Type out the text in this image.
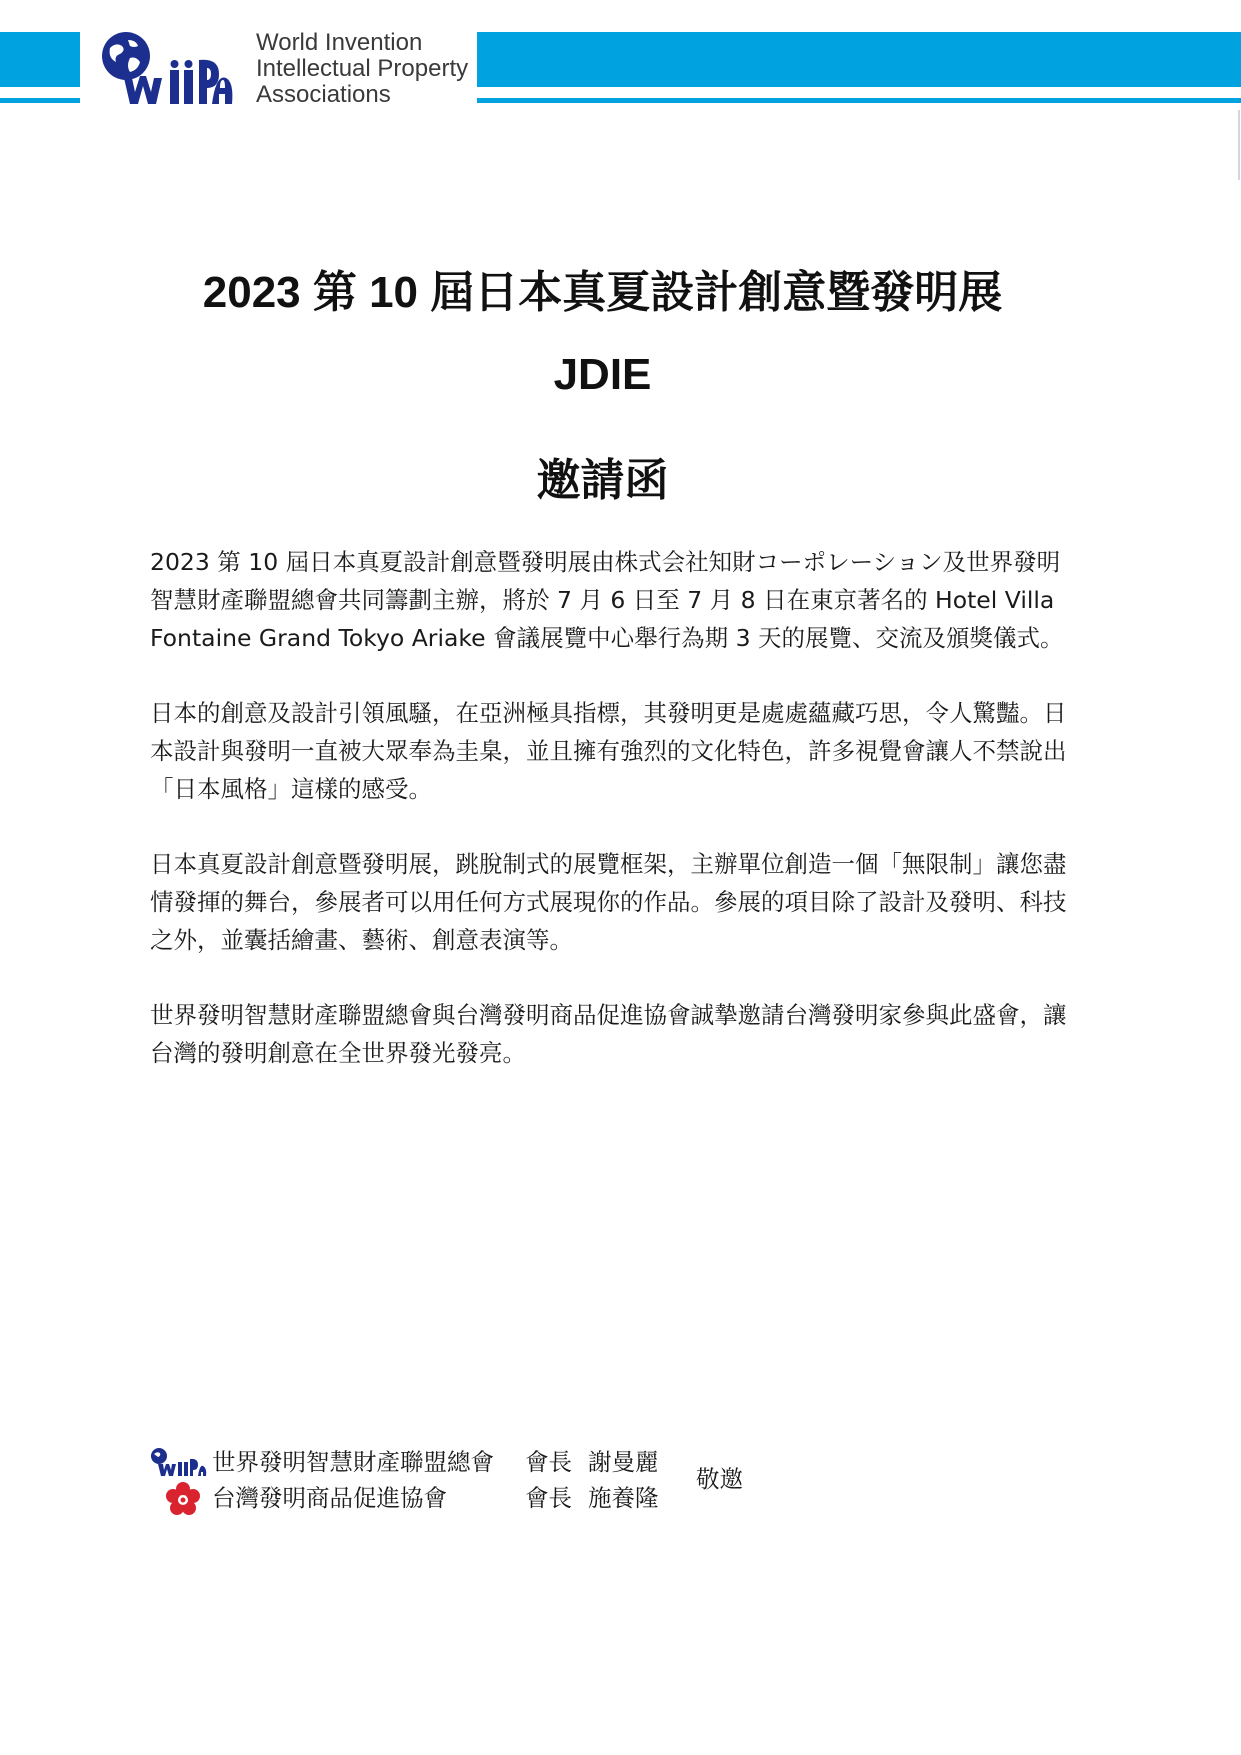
World Invention
Intellectual Property
Associations
2023 第 10 屆日本真夏設計創意暨發明展
JDIE
邀請函

2023 第 10 屆日本真夏設計創意暨發明展由株式会社知財コーポレーション及世界發明智慧財產聯盟總會共同籌劃主辦，將於 7 月 6 日至 7 月 8 日在東京著名的 Hotel Villa Fontaine Grand Tokyo Ariake 會議展覽中心舉行為期 3 天的展覽、交流及頒獎儀式。

日本的創意及設計引領風騷，在亞洲極具指標，其發明更是處處蘊藏巧思，令人驚豔。日本設計與發明一直被大眾奉為圭臬，並且擁有強烈的文化特色，許多視覺會讓人不禁說出「日本風格」這樣的感受。

日本真夏設計創意暨發明展，跳脫制式的展覽框架，主辦單位創造一個「無限制」讓您盡情發揮的舞台，參展者可以用任何方式展現你的作品。參展的項目除了設計及發明、科技之外，並囊括繪畫、藝術、創意表演等。

世界發明智慧財產聯盟總會與台灣發明商品促進協會誠摯邀請台灣發明家參與此盛會，讓台灣的發明創意在全世界發光發亮。

世界發明智慧財產聯盟總會 會長 謝曼麗
台灣發明商品促進協會	會長 施養隆

敬邀
